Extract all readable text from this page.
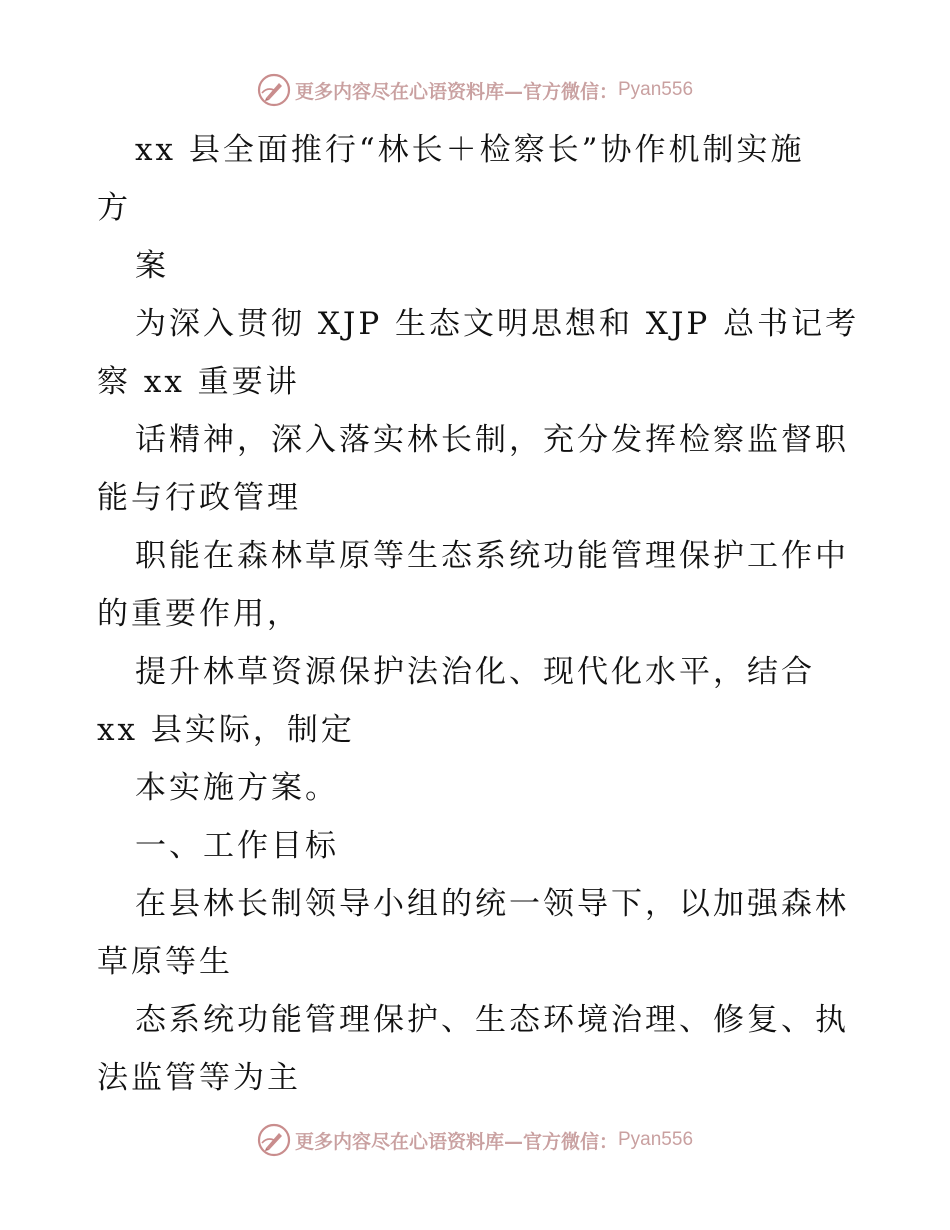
更多内容尽在心语资料库—官方微信： Pyan556
xx 县全面推行“林长＋检察长”协作机制实施
方
案
为深入贯彻 XJP 生态文明思想和 XJP 总书记考
察 xx 重要讲
话精神，深入落实林长制，充分发挥检察监督职
能与行政管理
职能在森林草原等生态系统功能管理保护工作中
的重要作用，
提升林草资源保护法治化、现代化水平，结合
xx 县实际，制定
本实施方案。
一、工作目标
在县林长制领导小组的统一领导下，以加强森林
草原等生
态系统功能管理保护、生态环境治理、修复、执
法监管等为主
更多内容尽在心语资料库—官方微信： Pyan556
